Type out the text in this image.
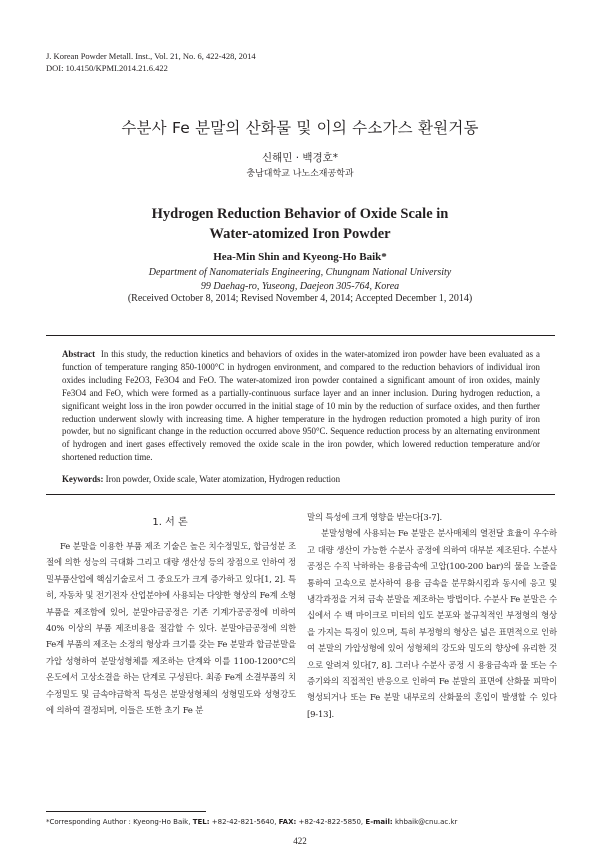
J. Korean Powder Metall. Inst., Vol. 21, No. 6, 422-428, 2014
DOI: 10.4150/KPMI.2014.21.6.422
수분사 Fe 분말의 산화물 및 이의 수소가스 환원거동
신해민 · 백경호*
충남대학교 나노소재공학과
Hydrogen Reduction Behavior of Oxide Scale in
Water-atomized Iron Powder
Hea-Min Shin and Kyeong-Ho Baik*
Department of Nanomaterials Engineering, Chungnam National University
99 Daehag-ro, Yuseong, Daejeon 305-764, Korea
(Received October 8, 2014; Revised November 4, 2014; Accepted December 1, 2014)
Abstract In this study, the reduction kinetics and behaviors of oxides in the water-atomized iron powder have been evaluated as a function of temperature ranging 850-1000°C in hydrogen environment, and compared to the reduction behaviors of individual iron oxides including Fe2O3, Fe3O4 and FeO. The water-atomized iron powder contained a significant amount of iron oxides, mainly Fe3O4 and FeO, which were formed as a partially-continuous surface layer and an inner inclusion. During hydrogen reduction, a significant weight loss in the iron powder occurred in the initial stage of 10 min by the reduction of surface oxides, and then further reduction underwent slowly with increasing time. A higher temperature in the hydrogen reduction promoted a high purity of iron powder, but no significant change in the reduction occurred above 950°C. Sequence reduction process by an alternating environment of hydrogen and inert gases effectively removed the oxide scale in the iron powder, which lowered reduction temperature and/or shortened reduction time.
Keywords: Iron powder, Oxide scale, Water atomization, Hydrogen reduction
1. 서 론

Fe 분말을 이용한 부품 제조 기술은 높은 치수정밀도, 합금성분 조절에 의한 성능의 극대화 그리고 대량 생산성 등의 장점으로 인하여 정밀부품산업에 핵심기술로서 그 중요도가 크게 증가하고 있다[1, 2]. 특히, 자동차 및 전기전자 산업분야에 사용되는 다양한 형상의 Fe계 소형 부품을 제조함에 있어, 분말야금공정은 기존 기계가공공정에 비하여 40% 이상의 부품 제조비용을 절감할 수 있다. 분말야금공정에 의한 Fe계 부품의 제조는 소정의 형상과 크기를 갖는 Fe 분말과 합금분말을 가압 성형하여 분말성형체를 제조하는 단계와 이를 1100-1200°C의 온도에서 고상소결을 하는 단계로 구성된다. 최종 Fe계 소결부품의 치수정밀도 및 금속야금학적 특성은 분말성형체의 성형밀도와 성형강도에 의하여 결정되며, 이들은 또한 초기 Fe 분

말의 특성에 크게 영향을 받는다[3-7].

분말성형에 사용되는 Fe 분말은 분사매체의 열전달 효율이 우수하고 대량 생산이 가능한 수분사 공정에 의하여 대부분 제조된다. 수분사 공정은 수직 낙하하는 용융금속에 고압(100-200 bar)의 물을 노즐을 통하여 고속으로 분사하여 용융 금속을 분무화시킴과 동시에 응고 및 냉각과정을 거쳐 금속 분말을 제조하는 방법이다. 수분사 Fe 분말은 수 십에서 수 백 마이크로 미터의 입도 분포와 불규칙적인 부정형의 형상을 가지는 특징이 있으며, 특히 부정형의 형상은 넓은 표면적으로 인하여 분말의 가압성형에 있어 성형체의 강도와 밀도의 향상에 유리한 것으로 알려져 있다[7, 8]. 그러나 수분사 공정 시 용융금속과 물 또는 수증기와의 직접적인 반응으로 인하여 Fe 분말의 표면에 산화물 피막이 형성되거나 또는 Fe 분말 내부로의 산화물의 혼입이 발생할 수 있다[9-13].

*Corresponding Author : Kyeong-Ho Baik, TEL: +82-42-821-5640, FAX: +82-42-822-5850, E-mail: khbaik@cnu.ac.kr
422
